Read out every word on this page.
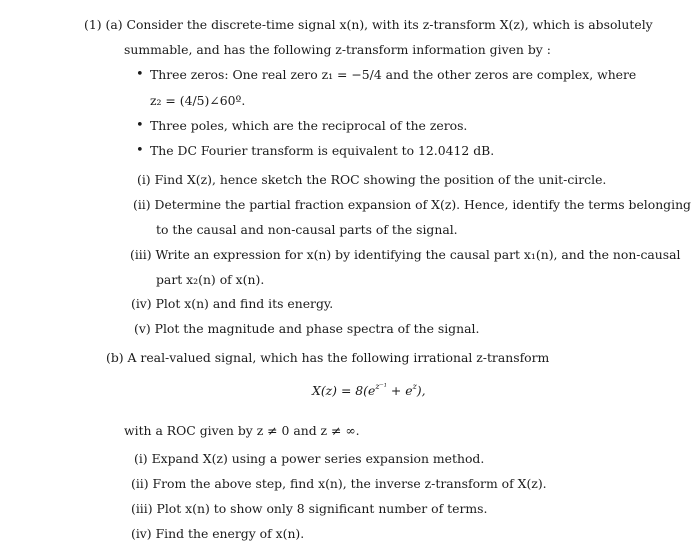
(1) (a) Consider the discrete-time signal x(n), with its z-transform X(z), which is absolutely
summable, and has the following z-transform information given by :
• Three zeros: One real zero z₁ = −5/4 and the other zeros are complex, where
z₂ = (4/5)∠60º.
• Three poles, which are the reciprocal of the zeros.
• The DC Fourier transform is equivalent to 12.0412 dB.
(i) Find X(z), hence sketch the ROC showing the position of the unit-circle.
(ii) Determine the partial fraction expansion of X(z). Hence, identify the terms belonging
to the causal and non-causal parts of the signal.
(iii) Write an expression for x(n) by identifying the causal part x₁(n), and the non-causal
part x₂(n) of x(n).
(iv) Plot x(n) and find its energy.
(v) Plot the magnitude and phase spectra of the signal.
(b) A real-valued signal, which has the following irrational z-transform
$X(z) = 8(e^{z^{-1}} + e^z)$,
with a ROC given by z ≠ 0 and z ≠ ∞.
(i) Expand X(z) using a power series expansion method.
(ii) From the above step, find x(n), the inverse z-transform of X(z).
(iii) Plot x(n) to show only 8 significant number of terms.
(iv) Find the energy of x(n).
